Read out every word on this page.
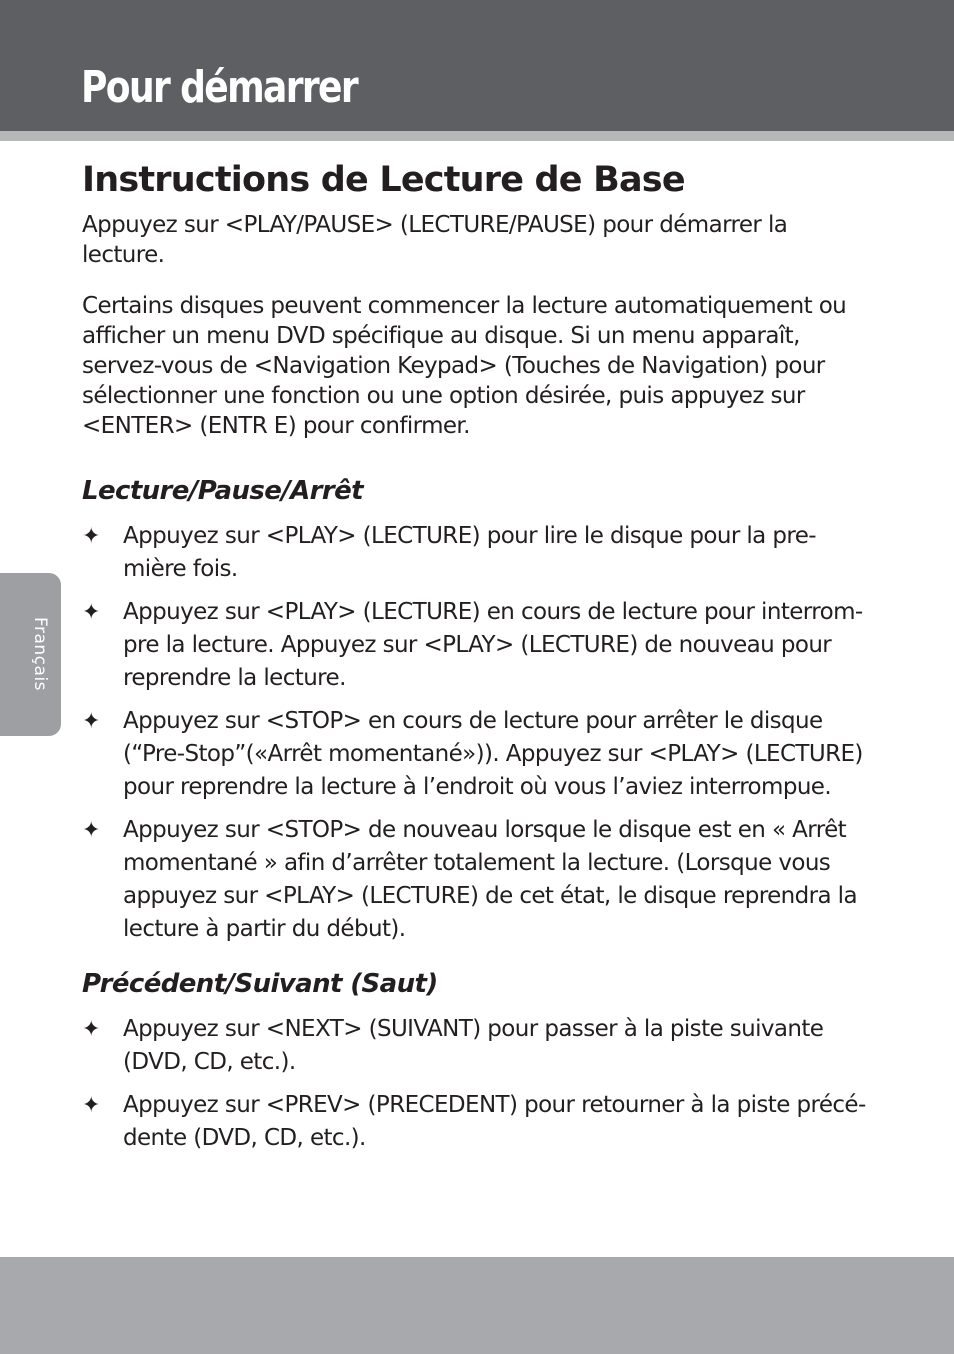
Pour démarrer
Français
Instructions de Lecture de Base

Appuyez sur <PLAY/PAUSE> (LECTURE/PAUSE) pour démarrer la lecture.

Certains disques peuvent commencer la lecture automatiquement ou afficher un menu DVD spécifique au disque. Si un menu apparaît, servez-vous de <Navigation Keypad> (Touches de Navigation) pour sélectionner une fonction ou une option désirée, puis appuyez sur <ENTER> (ENTR E) pour confirmer.

Lecture/Pause/Arrêt
✦ Appuyez sur <PLAY> (LECTURE) pour lire le disque pour la pre-mière fois.
✦ Appuyez sur <PLAY> (LECTURE) en cours de lecture pour interrom-pre la lecture. Appuyez sur <PLAY> (LECTURE) de nouveau pour reprendre la lecture.
✦ Appuyez sur <STOP> en cours de lecture pour arrêter le disque (“Pre-Stop”(«Arrêt momentané»)). Appuyez sur <PLAY> (LECTURE) pour reprendre la lecture à l’endroit où vous l’aviez interrompue.
✦ Appuyez sur <STOP> de nouveau lorsque le disque est en « Arrêt momentané » afin d’arrêter totalement la lecture. (Lorsque vous appuyez sur <PLAY> (LECTURE) de cet état, le disque reprendra la lecture à partir du début).
Précédent/Suivant (Saut)
✦ Appuyez sur <NEXT> (SUIVANT) pour passer à la piste suivante (DVD, CD, etc.).
✦ Appuyez sur <PREV> (PRECEDENT) pour retourner à la piste précé-dente (DVD, CD, etc.).
